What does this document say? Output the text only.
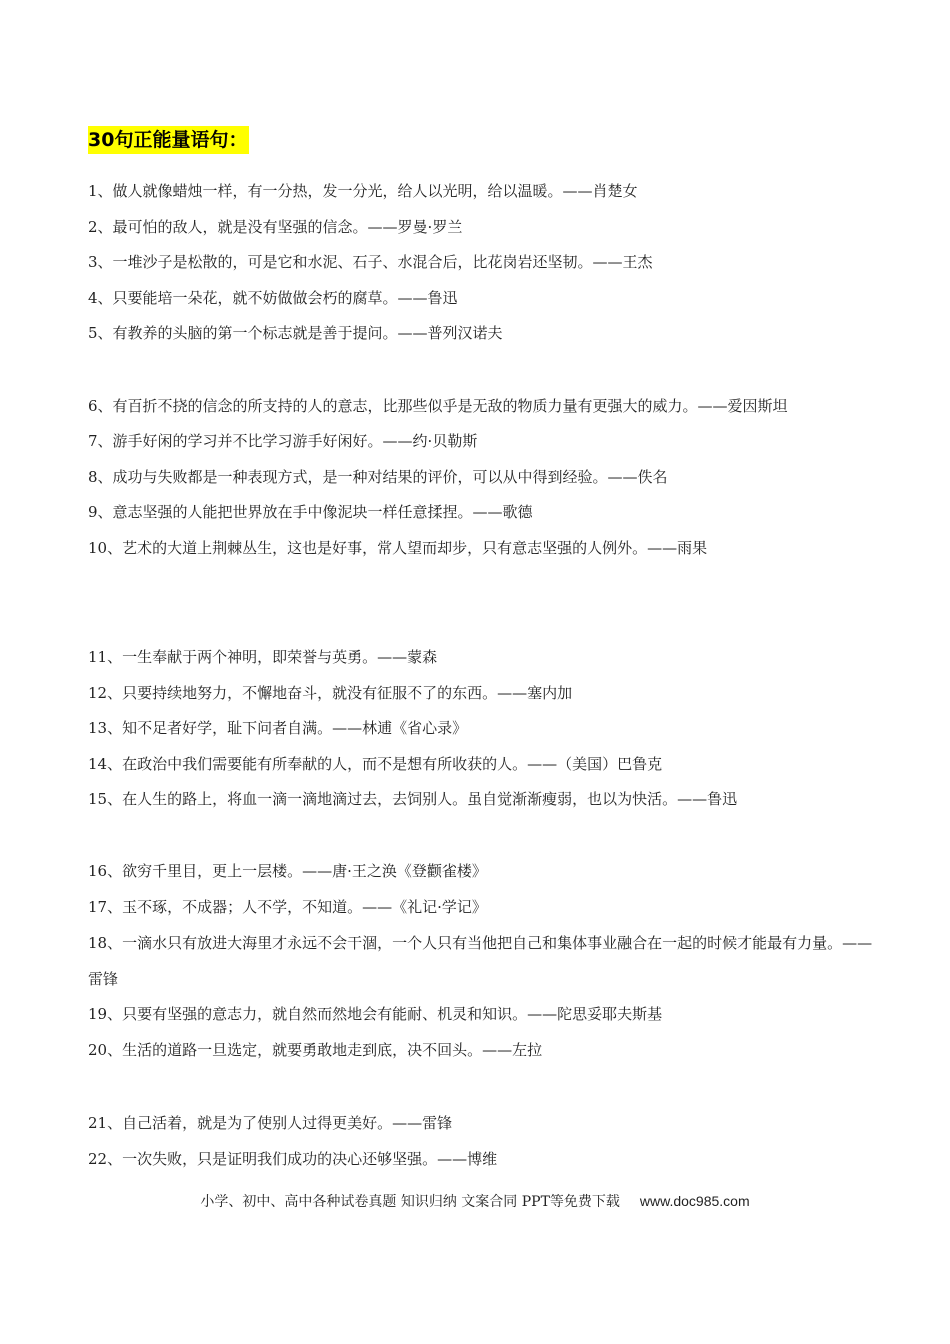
30句正能量语句：
1、做人就像蜡烛一样，有一分热，发一分光，给人以光明，给以温暖。——肖楚女
2、最可怕的敌人，就是没有坚强的信念。——罗曼·罗兰
3、一堆沙子是松散的，可是它和水泥、石子、水混合后，比花岗岩还坚韧。——王杰
4、只要能培一朵花，就不妨做做会朽的腐草。——鲁迅
5、有教养的头脑的第一个标志就是善于提问。——普列汉诺夫
6、有百折不挠的信念的所支持的人的意志，比那些似乎是无敌的物质力量有更强大的威力。——爱因斯坦
7、游手好闲的学习并不比学习游手好闲好。——约·贝勒斯
8、成功与失败都是一种表现方式，是一种对结果的评价，可以从中得到经验。——佚名
9、意志坚强的人能把世界放在手中像泥块一样任意揉捏。——歌德
10、艺术的大道上荆棘丛生，这也是好事，常人望而却步，只有意志坚强的人例外。——雨果
11、一生奉献于两个神明，即荣誉与英勇。——蒙森
12、只要持续地努力，不懈地奋斗，就没有征服不了的东西。——塞内加
13、知不足者好学，耻下问者自满。——林逋《省心录》
14、在政治中我们需要能有所奉献的人，而不是想有所收获的人。——（美国）巴鲁克
15、在人生的路上，将血一滴一滴地滴过去，去饲别人。虽自觉渐渐瘦弱，也以为快活。——鲁迅
16、欲穷千里目，更上一层楼。——唐·王之涣《登颧雀楼》
17、玉不琢，不成器；人不学，不知道。——《礼记·学记》
18、一滴水只有放进大海里才永远不会干涸，一个人只有当他把自己和集体事业融合在一起的时候才能最有力量。——雷锋
19、只要有坚强的意志力，就自然而然地会有能耐、机灵和知识。——陀思妥耶夫斯基
20、生活的道路一旦选定，就要勇敢地走到底，决不回头。——左拉
21、自己活着，就是为了使别人过得更美好。——雷锋
22、一次失败，只是证明我们成功的决心还够坚强。——博维
小学、初中、高中各种试卷真题 知识归纳 文案合同 PPT等免费下载 www.doc985.com
